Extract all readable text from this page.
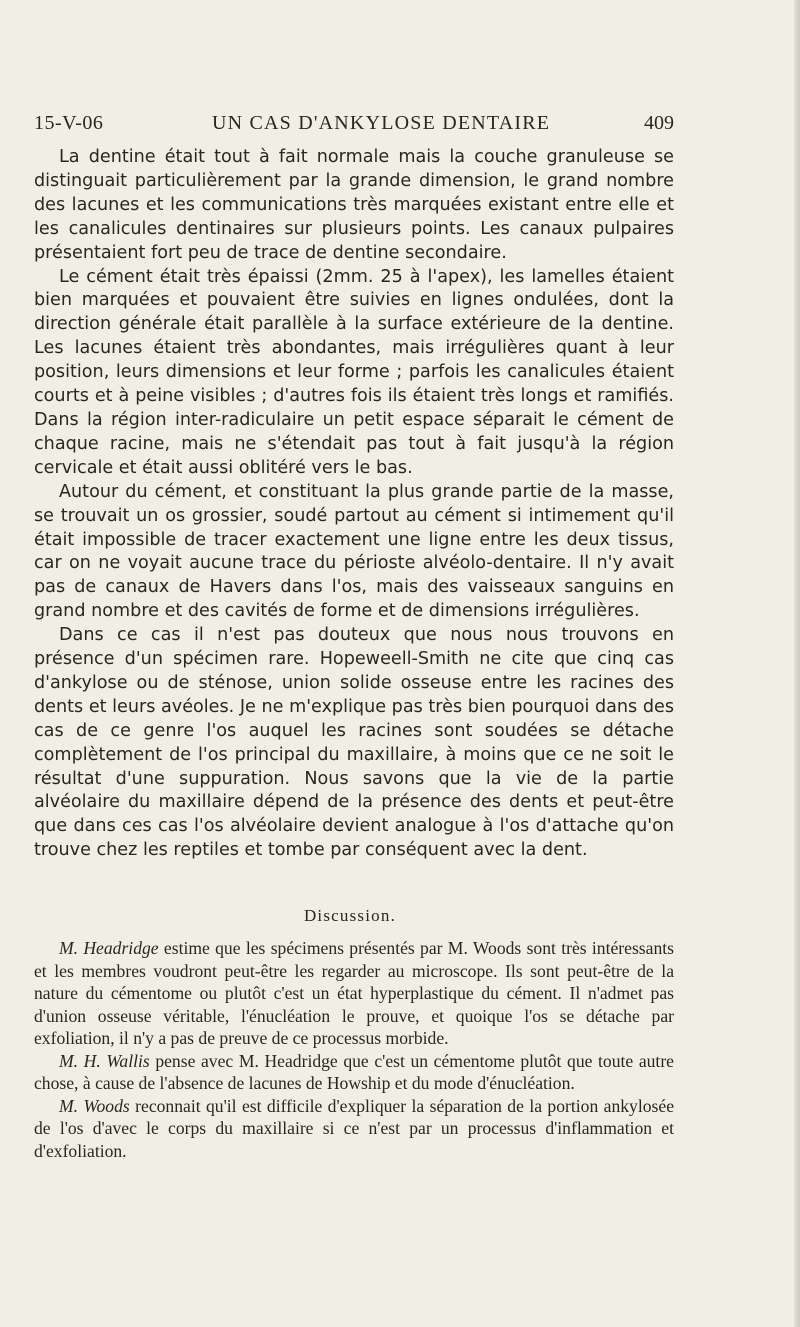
15-V-06	UN CAS D'ANKYLOSE DENTAIRE	409

La dentine était tout à fait normale mais la couche granuleuse se distinguait particulièrement par la grande dimension, le grand nombre des lacunes et les communications très marquées existant entre elle et les canalicules dentinaires sur plusieurs points. Les canaux pulpaires présentaient fort peu de trace de dentine secondaire.

Le cément était très épaissi (2mm. 25 à l'apex), les lamelles étaient bien marquées et pouvaient être suivies en lignes ondulées, dont la direction générale était parallèle à la surface extérieure de la dentine. Les lacunes étaient très abondantes, mais irrégulières quant à leur position, leurs dimensions et leur forme ; parfois les canalicules étaient courts et à peine visibles ; d'autres fois ils étaient très longs et ramifiés. Dans la région inter-radiculaire un petit espace séparait le cément de chaque racine, mais ne s'étendait pas tout à fait jusqu'à la région cervicale et était aussi oblitéré vers le bas.

Autour du cément, et constituant la plus grande partie de la masse, se trouvait un os grossier, soudé partout au cément si intimement qu'il était impossible de tracer exactement une ligne entre les deux tissus, car on ne voyait aucune trace du périoste alvéolo-dentaire. Il n'y avait pas de canaux de Havers dans l'os, mais des vaisseaux sanguins en grand nombre et des cavités de forme et de dimensions irrégulières.

Dans ce cas il n'est pas douteux que nous nous trouvons en présence d'un spécimen rare. Hopeweell-Smith ne cite que cinq cas d'ankylose ou de sténose, union solide osseuse entre les racines des dents et leurs avéoles. Je ne m'explique pas très bien pourquoi dans des cas de ce genre l'os auquel les racines sont soudées se détache complètement de l'os principal du maxillaire, à moins que ce ne soit le résultat d'une suppuration. Nous savons que la vie de la partie alvéolaire du maxillaire dépend de la présence des dents et peut-être que dans ces cas l'os alvéolaire devient analogue à l'os d'attache qu'on trouve chez les reptiles et tombe par conséquent avec la dent.

Discussion.

M. Headridge estime que les spécimens présentés par M. Woods sont très intéressants et les membres voudront peut-être les regarder au microscope. Ils sont peut-être de la nature du cémentome ou plutôt c'est un état hyperplastique du cément. Il n'admet pas d'union osseuse véritable, l'énucléation le prouve, et quoique l'os se détache par exfoliation, il n'y a pas de preuve de ce processus morbide.

M. H. Wallis pense avec M. Headridge que c'est un cémentome plutôt que toute autre chose, à cause de l'absence de lacunes de Howship et du mode d'énucléation.

M. Woods reconnait qu'il est difficile d'expliquer la séparation de la portion ankylosée de l'os d'avec le corps du maxillaire si ce n'est par un processus d'inflammation et d'exfoliation.
